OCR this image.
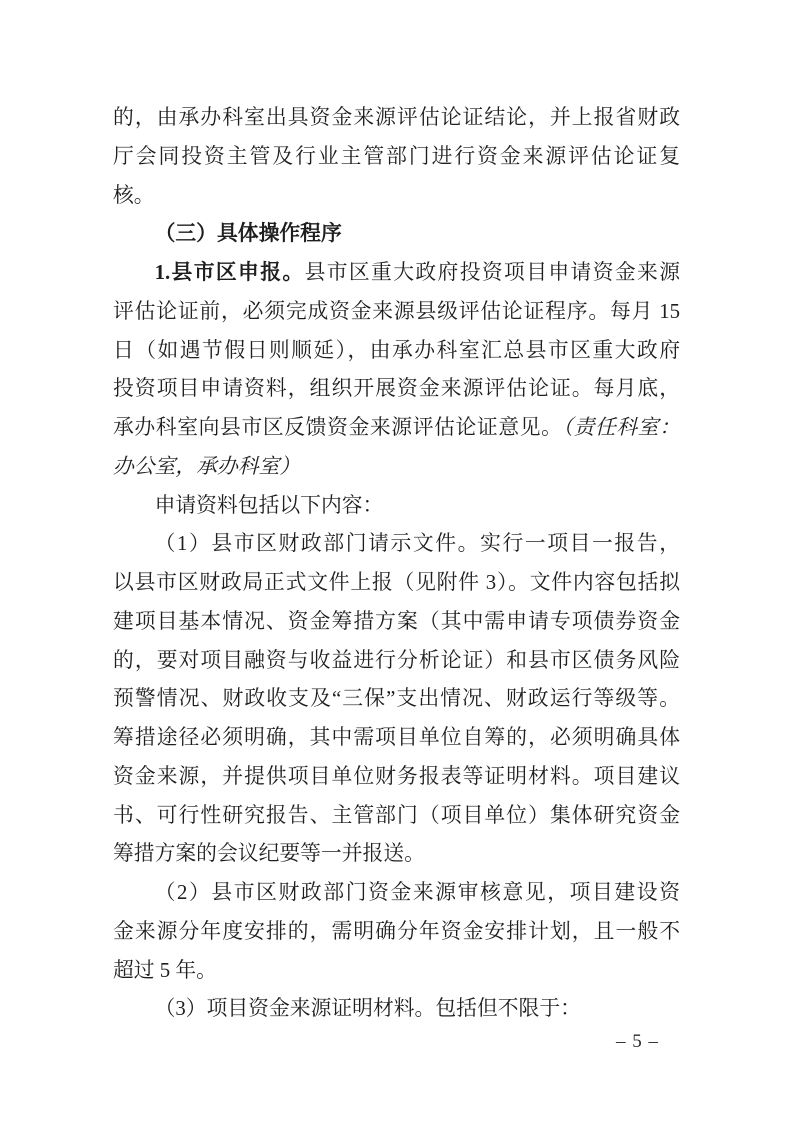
的，由承办科室出具资金来源评估论证结论，并上报省财政
厅会同投资主管及行业主管部门进行资金来源评估论证复
核。
（三）具体操作程序
1.县市区申报。县市区重大政府投资项目申请资金来源
评估论证前，必须完成资金来源县级评估论证程序。每月 15
日（如遇节假日则顺延），由承办科室汇总县市区重大政府
投资项目申请资料，组织开展资金来源评估论证。每月底，
承办科室向县市区反馈资金来源评估论证意见。（责任科室：
办公室，承办科室）
申请资料包括以下内容：
（1）县市区财政部门请示文件。实行一项目一报告，
以县市区财政局正式文件上报（见附件 3）。文件内容包括拟
建项目基本情况、资金筹措方案（其中需申请专项债券资金
的，要对项目融资与收益进行分析论证）和县市区债务风险
预警情况、财政收支及“三保”支出情况、财政运行等级等。
筹措途径必须明确，其中需项目单位自筹的，必须明确具体
资金来源，并提供项目单位财务报表等证明材料。项目建议
书、可行性研究报告、主管部门（项目单位）集体研究资金
筹措方案的会议纪要等一并报送。
（2）县市区财政部门资金来源审核意见，项目建设资
金来源分年度安排的，需明确分年资金安排计划，且一般不
超过 5 年。
（3）项目资金来源证明材料。包括但不限于：
– 5 –
